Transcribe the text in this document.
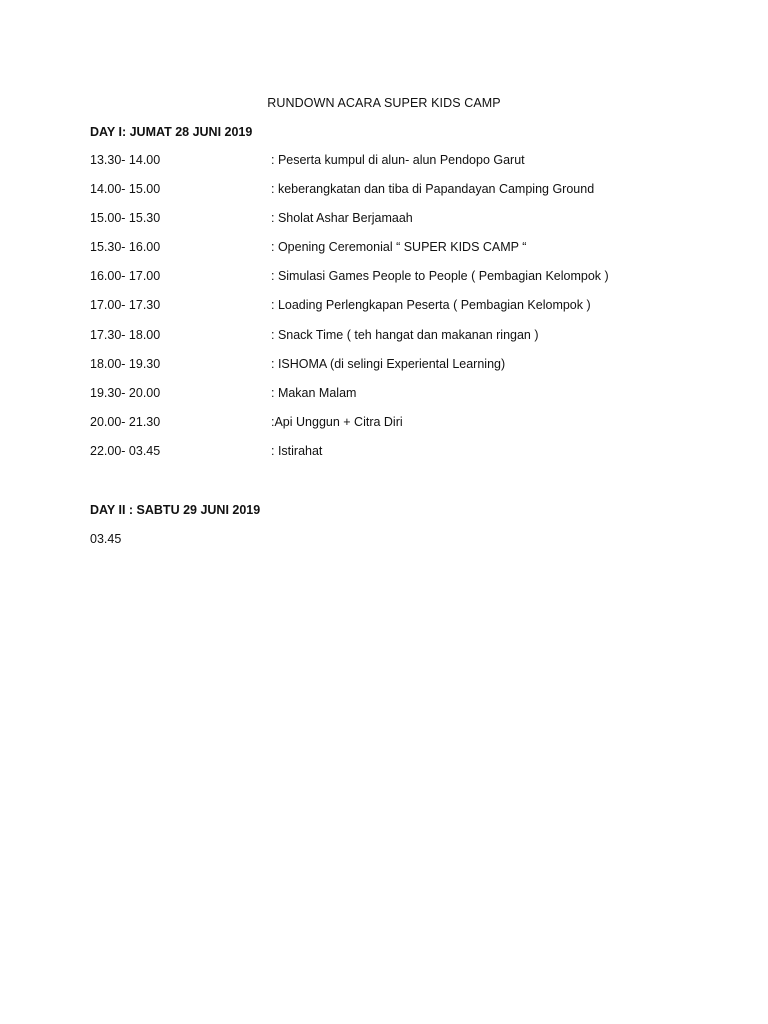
RUNDOWN ACARA SUPER KIDS CAMP
DAY I: JUMAT 28 JUNI 2019
13.30- 14.00	: Peserta kumpul di alun- alun Pendopo Garut
14.00- 15.00	: keberangkatan dan tiba di Papandayan Camping Ground
15.00- 15.30	: Sholat Ashar Berjamaah
15.30- 16.00	: Opening Ceremonial “ SUPER KIDS CAMP “
16.00- 17.00	: Simulasi Games People to People ( Pembagian Kelompok )
17.00- 17.30	: Loading Perlengkapan Peserta ( Pembagian Kelompok )
17.30- 18.00	: Snack Time ( teh hangat dan makanan ringan )
18.00- 19.30	: ISHOMA (di selingi Experiental Learning)
19.30- 20.00	: Makan Malam
20.00- 21.30	:Api Unggun + Citra Diri
22.00- 03.45	: Istirahat
DAY II : SABTU 29 JUNI 2019
03.45
